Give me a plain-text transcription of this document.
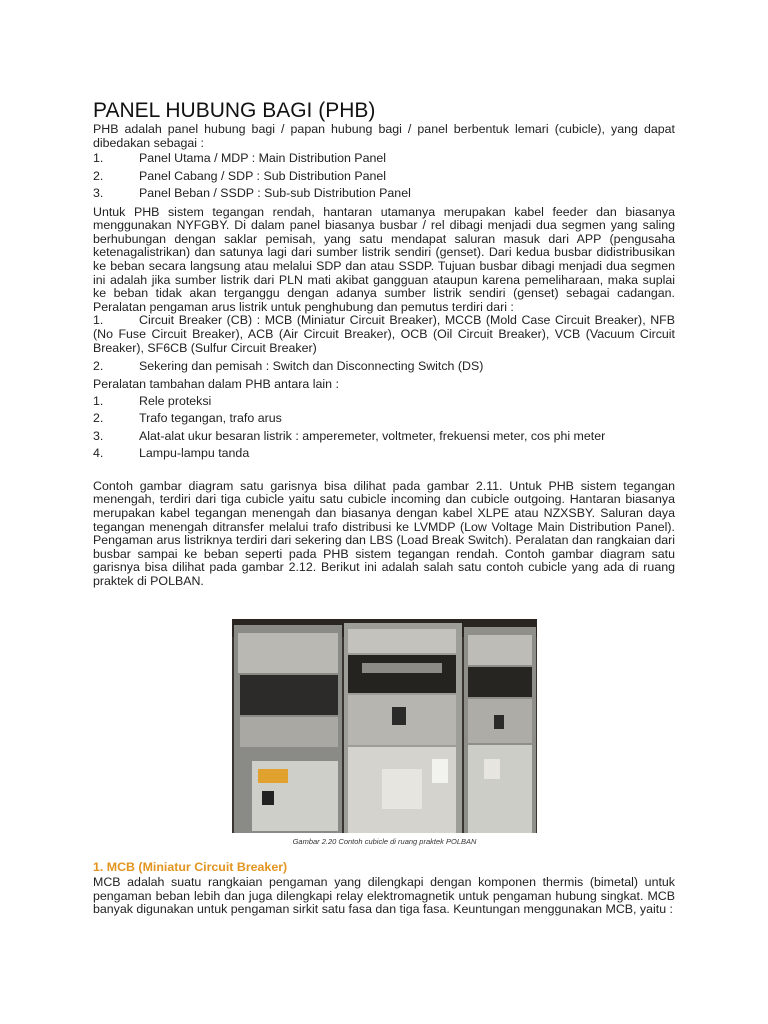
PANEL HUBUNG BAGI (PHB)

PHB adalah panel hubung bagi / papan hubung bagi / panel berbentuk lemari (cubicle), yang dapat dibedakan sebagai :

1.	Panel Utama / MDP : Main Distribution Panel
2.	Panel Cabang / SDP : Sub Distribution Panel
3.	Panel Beban / SSDP : Sub-sub Distribution Panel

Untuk PHB sistem tegangan rendah, hantaran utamanya merupakan kabel feeder dan biasanya menggunakan NYFGBY. Di dalam panel biasanya busbar / rel dibagi menjadi dua segmen yang saling berhubungan dengan saklar pemisah, yang satu mendapat saluran masuk dari APP (pengusaha ketenagalistrikan) dan satunya lagi dari sumber listrik sendiri (genset). Dari kedua busbar didistribusikan ke beban secara langsung atau melalui SDP dan atau SSDP. Tujuan busbar dibagi menjadi dua segmen ini adalah jika sumber listrik dari PLN mati akibat gangguan ataupun karena pemeliharaan, maka suplai ke beban tidak akan terganggu dengan adanya sumber listrik sendiri (genset) sebagai cadangan. Peralatan pengaman arus listrik untuk penghubung dan pemutus terdiri dari :

1.	Circuit Breaker (CB) : MCB (Miniatur Circuit Breaker), MCCB (Mold Case Circuit Breaker), NFB (No Fuse Circuit Breaker), ACB (Air Circuit Breaker), OCB (Oil Circuit Breaker), VCB (Vacuum Circuit Breaker), SF6CB (Sulfur Circuit Breaker)
2.	Sekering dan pemisah : Switch dan Disconnecting Switch (DS)

Peralatan tambahan dalam PHB antara lain :

1.	Rele proteksi
2.	Trafo tegangan, trafo arus
3.	Alat-alat ukur besaran listrik : amperemeter, voltmeter, frekuensi meter, cos phi meter
4.	Lampu-lampu tanda

Contoh gambar diagram satu garisnya bisa dilihat pada gambar 2.11. Untuk PHB sistem tegangan menengah, terdiri dari tiga cubicle yaitu satu cubicle incoming dan cubicle outgoing. Hantaran biasanya merupakan kabel tegangan menengah dan biasanya dengan kabel XLPE atau NZXSBY. Saluran daya tegangan menengah ditransfer melalui trafo distribusi ke LVMDP (Low Voltage Main Distribution Panel). Pengaman arus listriknya terdiri dari sekering dan LBS (Load Break Switch). Peralatan dan rangkaian dari busbar sampai ke beban seperti pada PHB sistem tegangan rendah. Contoh gambar diagram satu garisnya bisa dilihat pada gambar 2.12. Berikut ini adalah salah satu contoh cubicle yang ada di ruang praktek di POLBAN.

Gambar 2.20 Contoh cubicle di ruang praktek POLBAN
1. MCB (Miniatur Circuit Breaker)

MCB adalah suatu rangkaian pengaman yang dilengkapi dengan komponen thermis (bimetal) untuk pengaman beban lebih dan juga dilengkapi relay elektromagnetik untuk pengaman hubung singkat. MCB banyak digunakan untuk pengaman sirkit satu fasa dan tiga fasa. Keuntungan menggunakan MCB, yaitu :
